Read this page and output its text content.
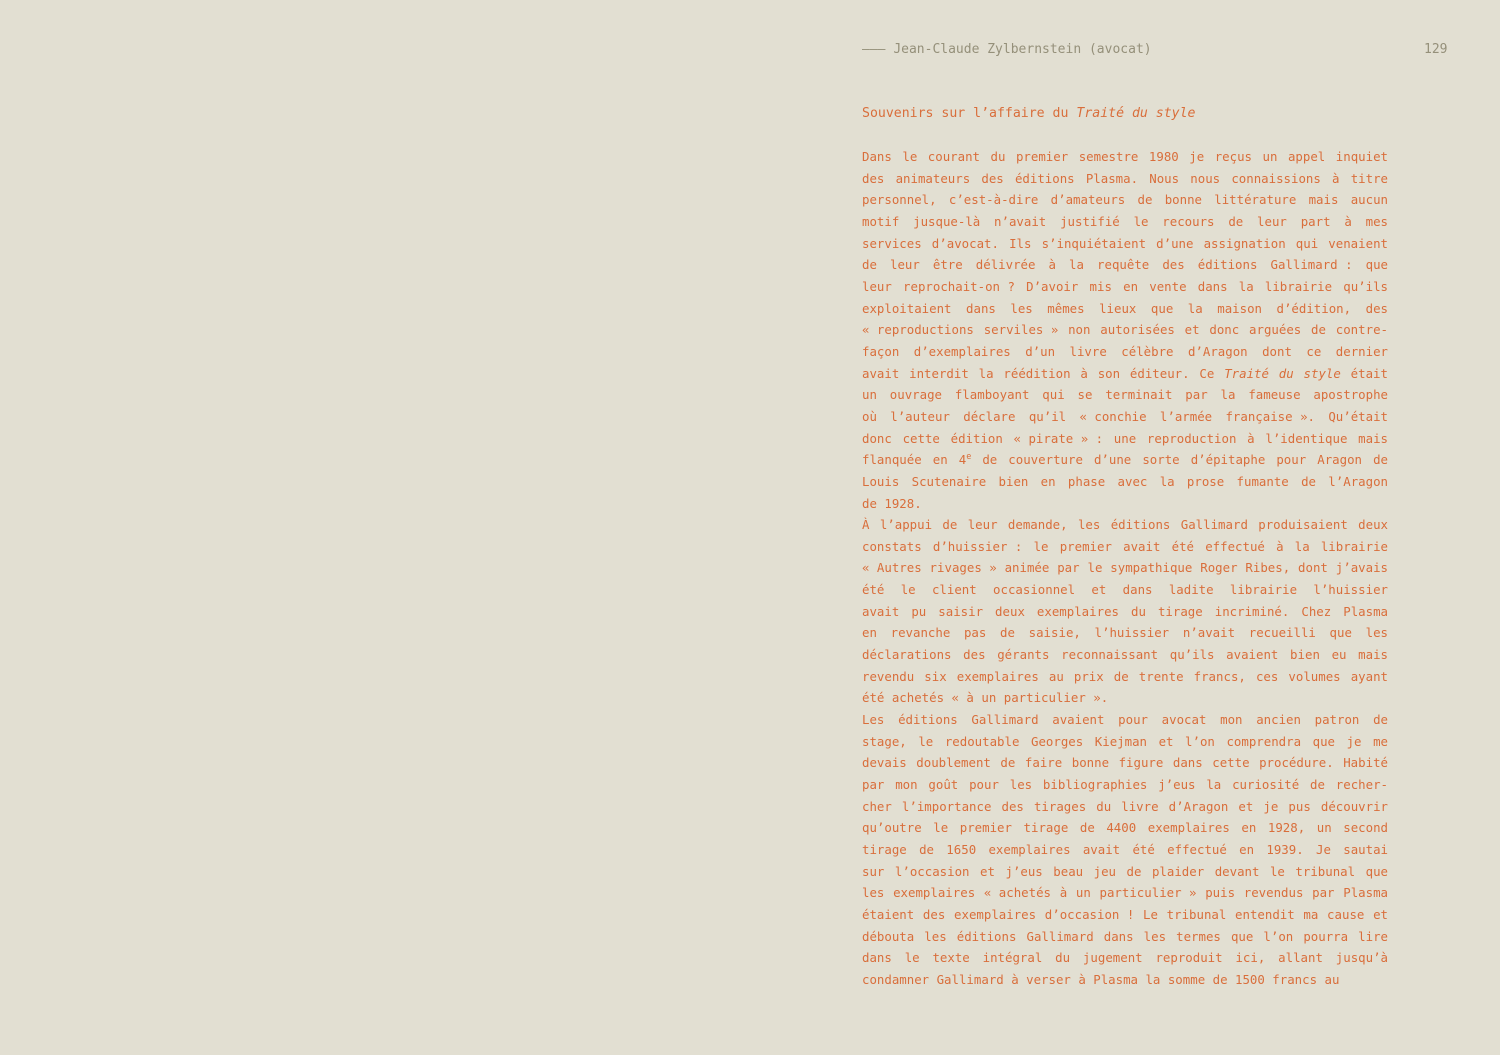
——— Jean-Claude Zylbernstein (avocat)	129
Souvenirs sur l’affaire du Traité du style
Dans le courant du premier semestre 1980 je reçus un appel inquiet
des animateurs des éditions Plasma. Nous nous connaissions à titre
personnel, c’est-à-dire d’amateurs de bonne littérature mais aucun
motif jusque-là n’avait justifié le recours de leur part à mes
services d’avocat. Ils s’inquiétaient d’une assignation qui venaient
de leur être délivrée à la requête des éditions Gallimard : que
leur reprochait-on ? D’avoir mis en vente dans la librairie qu’ils
exploitaient dans les mêmes lieux que la maison d’édition, des
« reproductions serviles » non autorisées et donc arguées de contre-
façon d’exemplaires d’un livre célèbre d’Aragon dont ce dernier
avait interdit la réédition à son éditeur. Ce Traité du style était
un ouvrage flamboyant qui se terminait par la fameuse apostrophe
où l’auteur déclare qu’il « conchie l’armée française ». Qu’était
donc cette édition « pirate » : une reproduction à l’identique mais
flanquée en 4e de couverture d’une sorte d’épitaphe pour Aragon de
Louis Scutenaire bien en phase avec la prose fumante de l’Aragon
de 1928.
À l’appui de leur demande, les éditions Gallimard produisaient deux
constats d’huissier : le premier avait été effectué à la librairie
« Autres rivages » animée par le sympathique Roger Ribes, dont j’avais
été le client occasionnel et dans ladite librairie l’huissier
avait pu saisir deux exemplaires du tirage incriminé. Chez Plasma
en revanche pas de saisie, l’huissier n’avait recueilli que les
déclarations des gérants reconnaissant qu’ils avaient bien eu mais
revendu six exemplaires au prix de trente francs, ces volumes ayant
été achetés « à un particulier ».
Les éditions Gallimard avaient pour avocat mon ancien patron de
stage, le redoutable Georges Kiejman et l’on comprendra que je me
devais doublement de faire bonne figure dans cette procédure. Habité
par mon goût pour les bibliographies j’eus la curiosité de recher-
cher l’importance des tirages du livre d’Aragon et je pus découvrir
qu’outre le premier tirage de 4400 exemplaires en 1928, un second
tirage de 1650 exemplaires avait été effectué en 1939. Je sautai
sur l’occasion et j’eus beau jeu de plaider devant le tribunal que
les exemplaires « achetés à un particulier » puis revendus par Plasma
étaient des exemplaires d’occasion ! Le tribunal entendit ma cause et
débouta les éditions Gallimard dans les termes que l’on pourra lire
dans le texte intégral du jugement reproduit ici, allant jusqu’à
condamner Gallimard à verser à Plasma la somme de 1500 francs au
